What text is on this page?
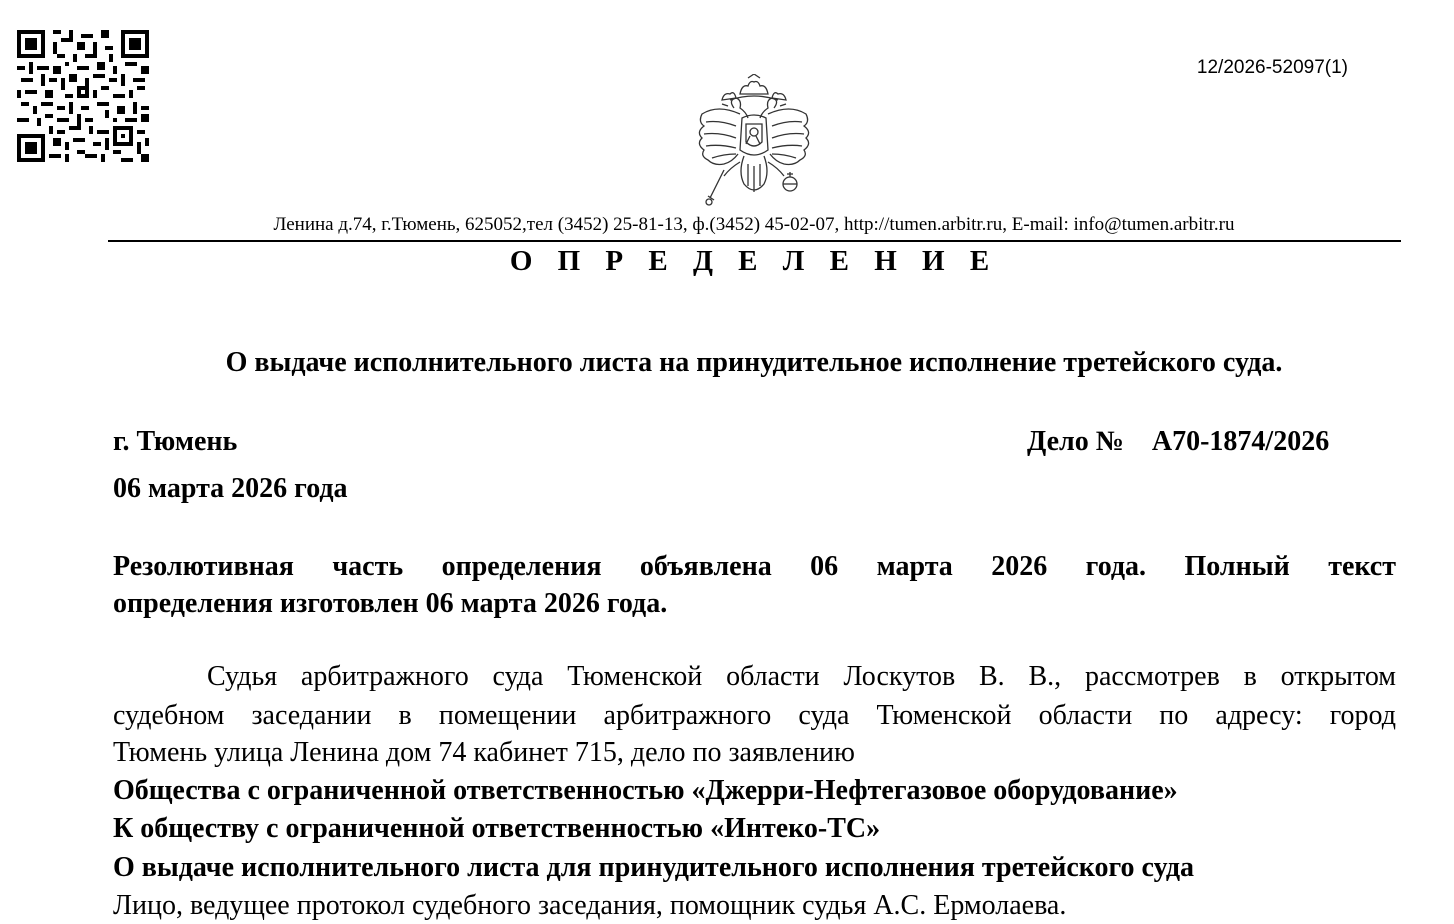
12/2026-52097(1)
Ленина д.74, г.Тюмень, 625052,тел (3452) 25-81-13, ф.(3452) 45-02-07, http://tumen.arbitr.ru, E-mail: info@tumen.arbitr.ru
О П Р Е Д Е Л Е Н И Е
О выдаче исполнительного листа на принудительное исполнение третейского суда.
г. Тюмень	Дело № А70-1874/2026
06 марта 2026 года
Резолютивная часть определения объявлена 06 марта 2026 года. Полный текст
определения изготовлен 06 марта 2026 года.
Судья арбитражного суда Тюменской области Лоскутов В. В., рассмотрев в открытом
судебном заседании в помещении арбитражного суда Тюменской области по адресу: город
Тюмень улица Ленина дом 74 кабинет 715, дело по заявлению
Общества с ограниченной ответственностью «Джерри-Нефтегазовое оборудование»
К обществу с ограниченной ответственностью «Интеко-ТС»
О выдаче исполнительного листа для принудительного исполнения третейского суда
Лицо, ведущее протокол судебного заседания, помощник судья А.С. Ермолаева.
